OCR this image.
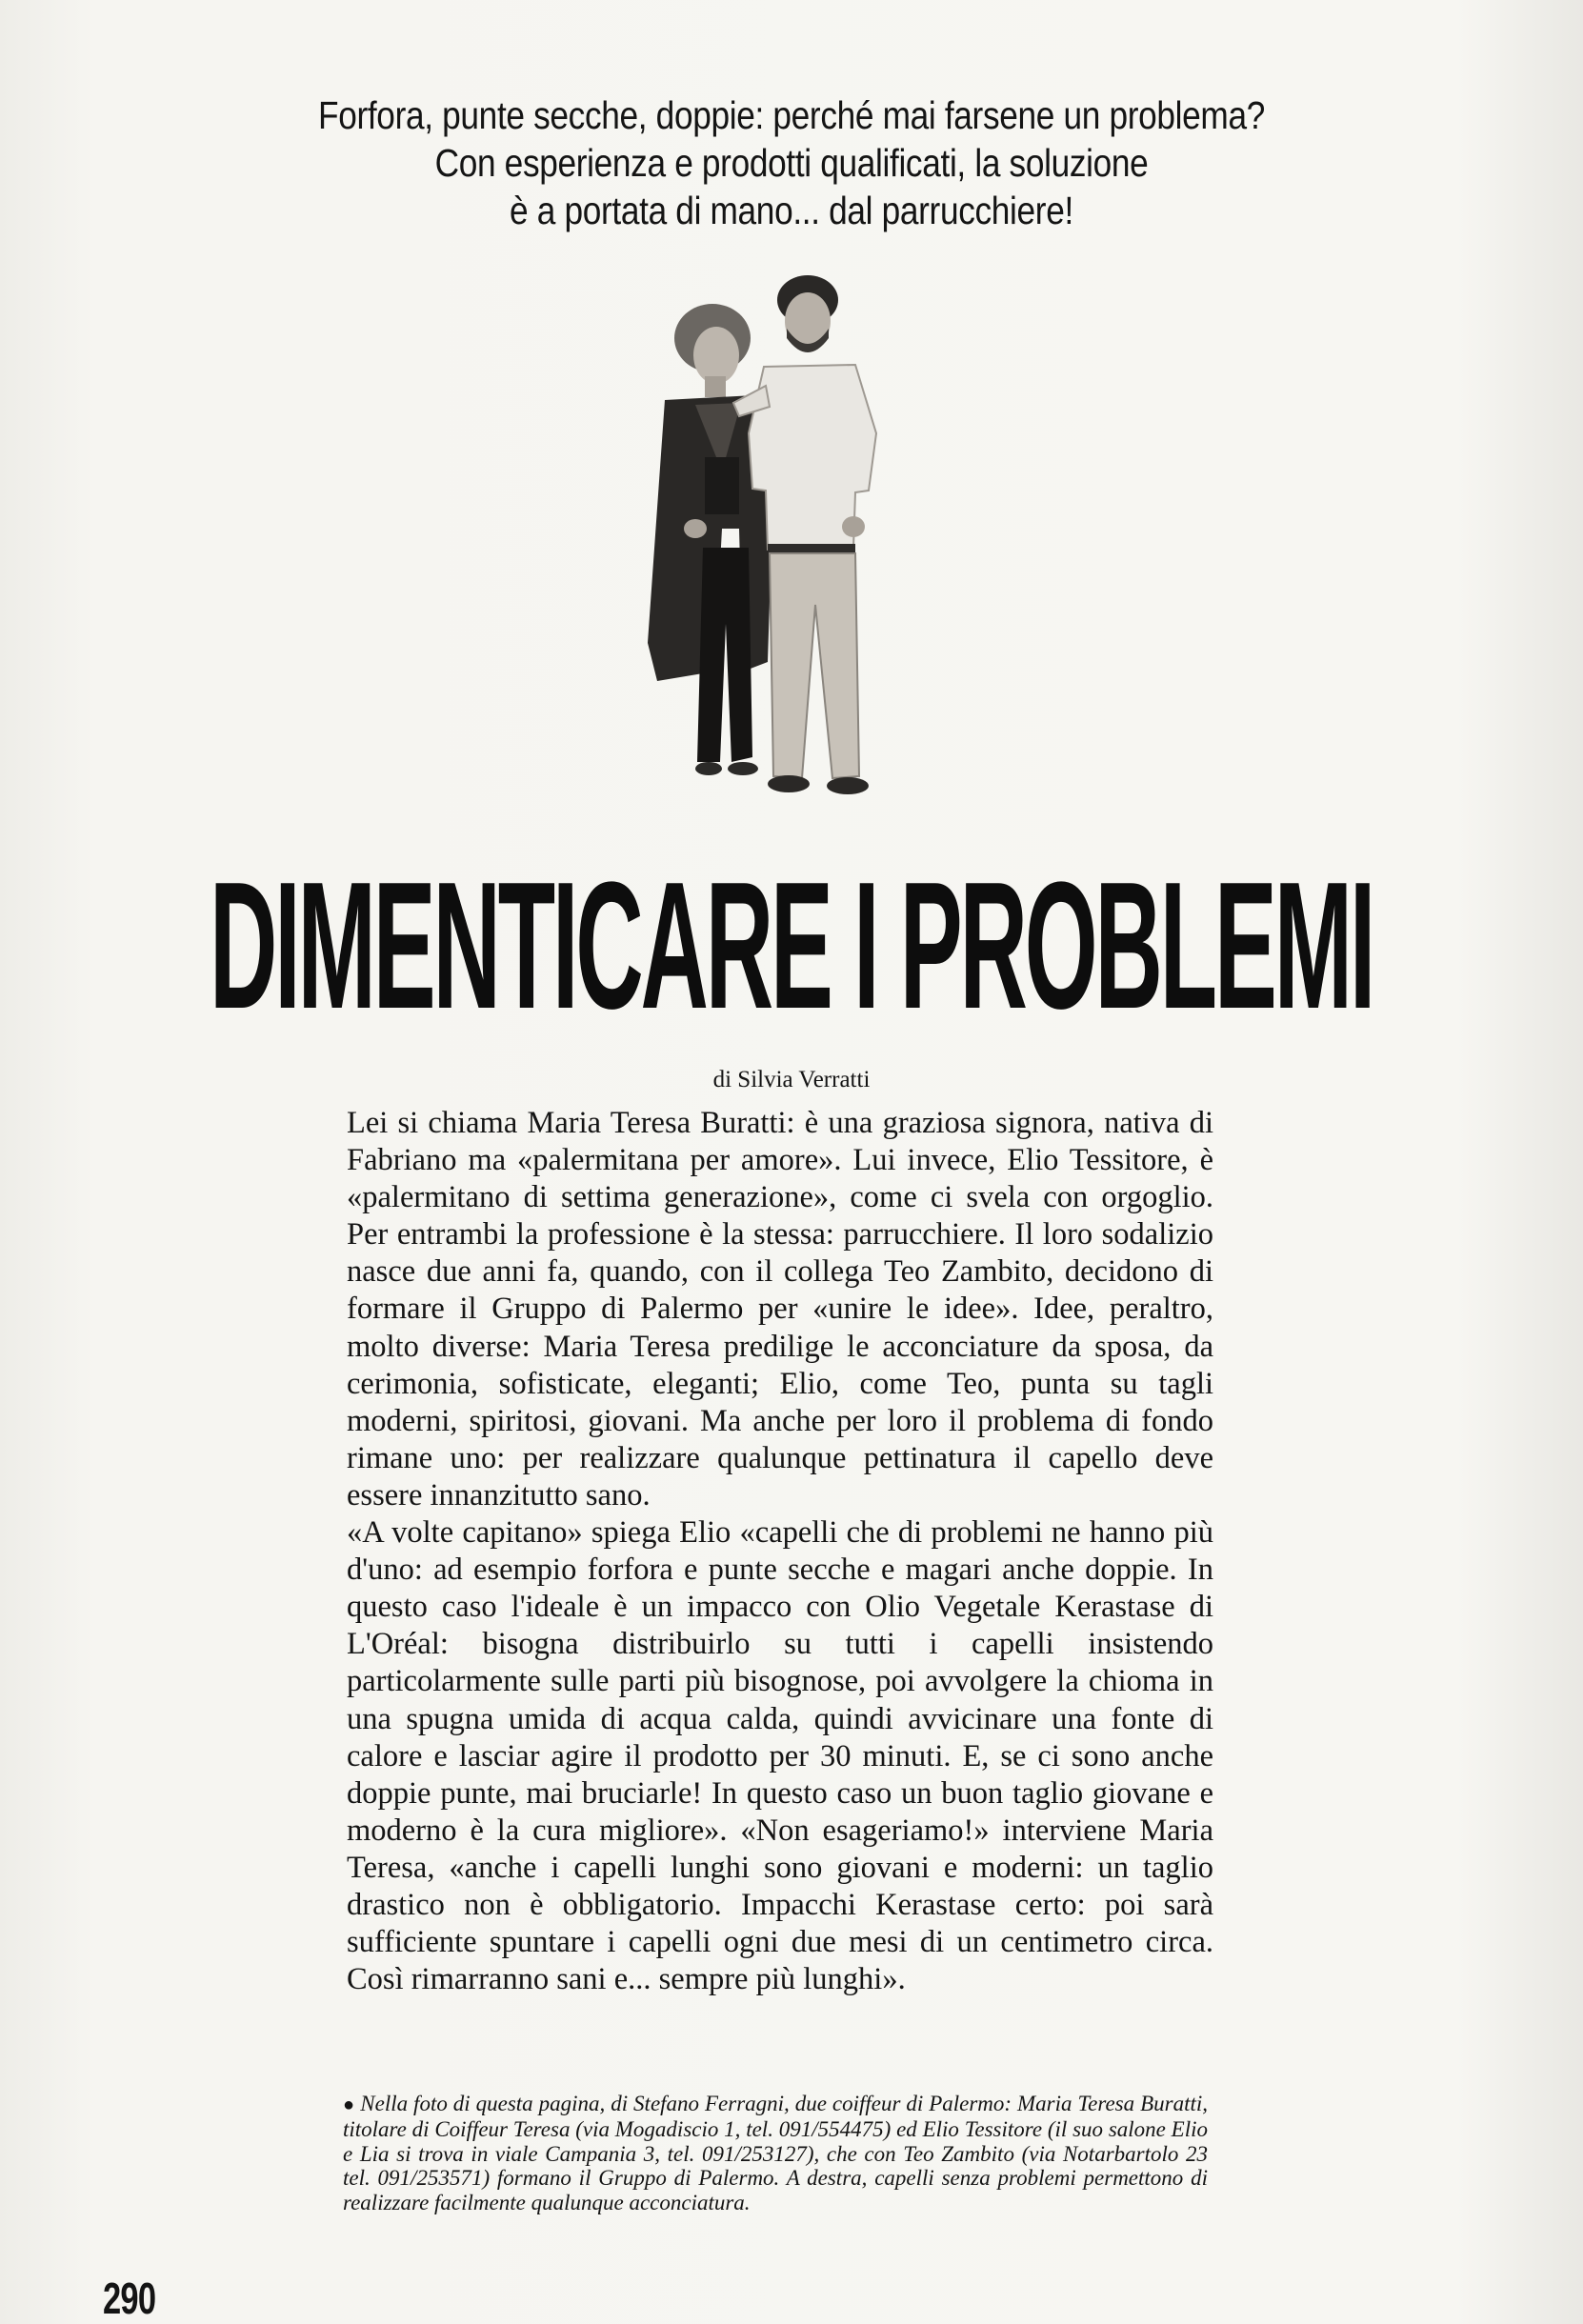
Forfora, punte secche, doppie: perché mai farsene un problema?
Con esperienza e prodotti qualificati, la soluzione
è a portata di mano... dal parrucchiere!
DIMENTICARE I PROBLEMI
di Silvia Verratti

Lei si chiama Maria Teresa Buratti: è una graziosa signora, nativa di Fabriano ma «palermitana per amore». Lui invece, Elio Tessitore, è «palermitano di settima generazione», come ci svela con orgoglio. Per entrambi la professione è la stessa: parrucchiere. Il loro sodalizio nasce due anni fa, quando, con il collega Teo Zambito, decidono di formare il Gruppo di Palermo per «unire le idee». Idee, peraltro, molto diverse: Maria Teresa predilige le acconciature da sposa, da cerimonia, sofisticate, eleganti; Elio, come Teo, punta su tagli moderni, spiritosi, giovani. Ma anche per loro il problema di fondo rimane uno: per realizzare qualunque pettinatura il capello deve essere innanzitutto sano.

«A volte capitano» spiega Elio «capelli che di problemi ne hanno più d'uno: ad esempio forfora e punte secche e magari anche doppie. In questo caso l'ideale è un impacco con Olio Vegetale Kerastase di L'Oréal: bisogna distribuirlo su tutti i capelli insistendo particolarmente sulle parti più bisognose, poi avvolgere la chioma in una spugna umida di acqua calda, quindi avvicinare una fonte di calore e lasciar agire il prodotto per 30 minuti. E, se ci sono anche doppie punte, mai bruciarle! In questo caso un buon taglio giovane e moderno è la cura migliore». «Non esageriamo!» interviene Maria Teresa, «anche i capelli lunghi sono giovani e moderni: un taglio drastico non è obbligatorio. Impacchi Kerastase certo: poi sarà sufficiente spuntare i capelli ogni due mesi di un centimetro circa. Così rimarranno sani e... sempre più lunghi».

● Nella foto di questa pagina, di Stefano Ferragni, due coiffeur di Palermo: Maria Teresa Buratti, titolare di Coiffeur Teresa (via Mogadiscio 1, tel. 091/554475) ed Elio Tessitore (il suo salone Elio e Lia si trova in viale Campania 3, tel. 091/253127), che con Teo Zambito (via Notarbartolo 23 tel. 091/253571) formano il Gruppo di Palermo. A destra, capelli senza problemi permettono di realizzare facilmente qualunque acconciatura.
290
